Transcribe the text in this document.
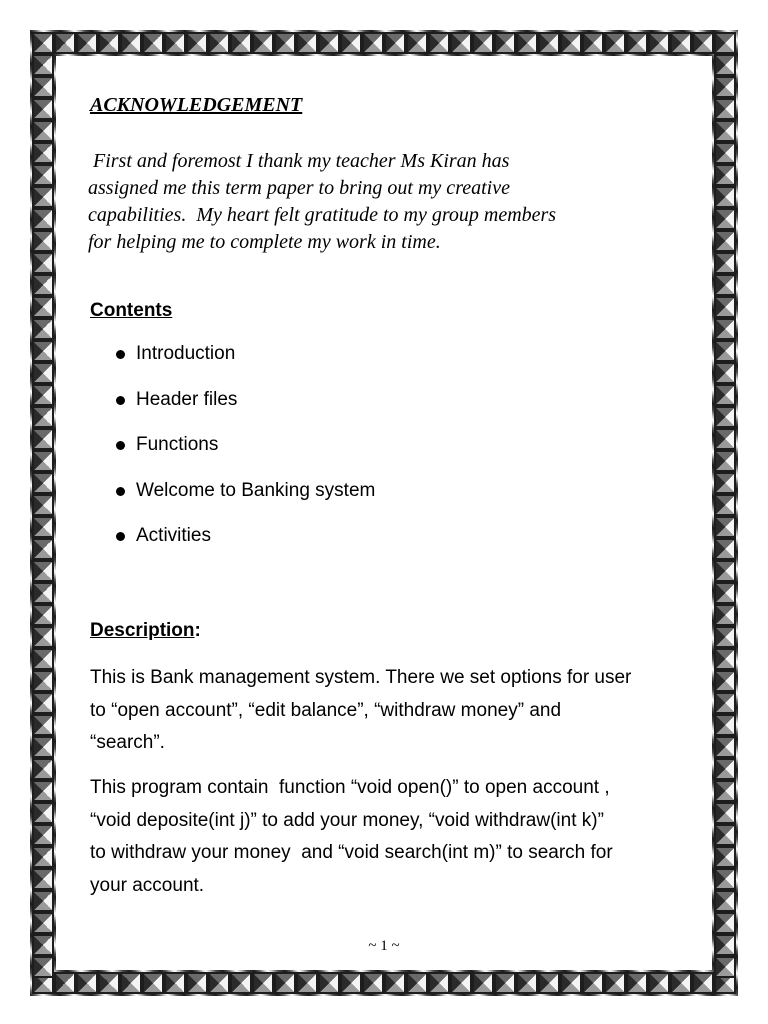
ACKNOWLEDGEMENT

First and foremost I thank my teacher Ms Kiran has
assigned me this term paper to bring out my creative
capabilities.  My heart felt gratitude to my group members
for helping me to complete my work in time.

Contents
Introduction
Header files
Functions
Welcome to Banking system
Activities
Description:

This is Bank management system. There we set options for user
to “open account”, “edit balance”, “withdraw money” and
“search”.

This program contain  function “void open()” to open account ,
“void deposite(int j)” to add your money, “void withdraw(int k)”
to withdraw your money  and “void search(int m)” to search for
your account.

~ 1 ~
